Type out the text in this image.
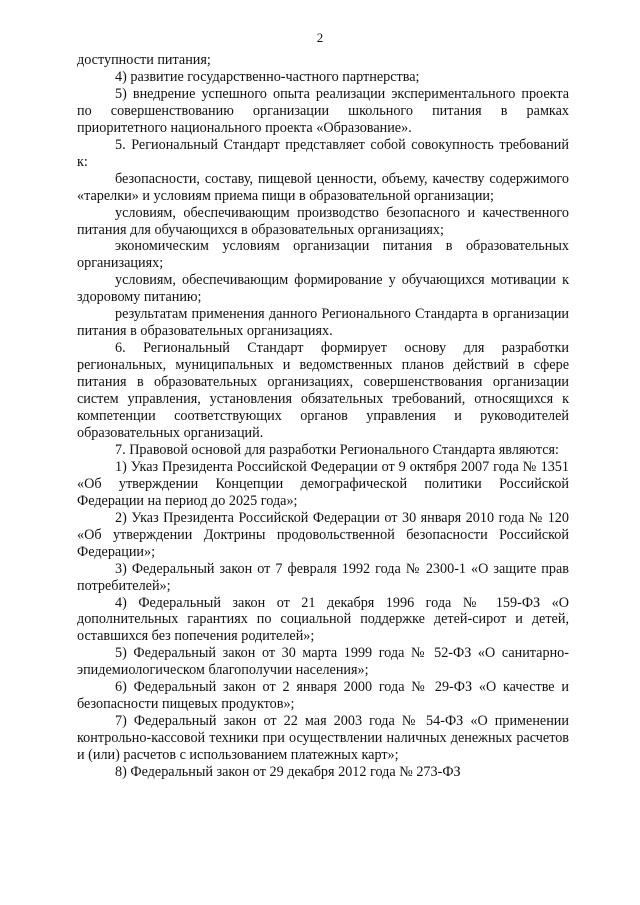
2

доступности питания;

4) развитие государственно-частного партнерства;

5) внедрение успешного опыта реализации экспериментального проекта по совершенствованию организации школьного питания в рамках приоритетного национального проекта «Образование».

5. Региональный Стандарт представляет собой совокупность требований к:

безопасности, составу, пищевой ценности, объему, качеству содержимого «тарелки» и условиям приема пищи в образовательной организации;

условиям, обеспечивающим производство безопасного и качественного питания для обучающихся в образовательных организациях;

экономическим условиям организации питания в образовательных организациях;

условиям, обеспечивающим формирование у обучающихся мотивации к здоровому питанию;

результатам применения данного Регионального Стандарта в организации питания в образовательных организациях.

6. Региональный Стандарт формирует основу для разработки региональных, муниципальных и ведомственных планов действий в сфере питания в образовательных организациях, совершенствования организации систем управления, установления обязательных требований, относящихся к компетенции соответствующих органов управления и руководителей образовательных организаций.

7. Правовой основой для разработки Регионального Стандарта являются:

1) Указ Президента Российской Федерации от 9 октября 2007 года № 1351 «Об утверждении Концепции демографической политики Российской Федерации на период до 2025 года»;

2) Указ Президента Российской Федерации от 30 января 2010 года № 120 «Об утверждении Доктрины продовольственной безопасности Российской Федерации»;

3) Федеральный закон от 7 февраля 1992 года № 2300-1 «О защите прав потребителей»;

4) Федеральный закон от 21 декабря 1996 года № 159-ФЗ «О дополнительных гарантиях по социальной поддержке детей-сирот и детей, оставшихся без попечения родителей»;

5) Федеральный закон от 30 марта 1999 года № 52-ФЗ «О санитарно-эпидемиологическом благополучии населения»;

6) Федеральный закон от 2 января 2000 года № 29-ФЗ «О качестве и безопасности пищевых продуктов»;

7) Федеральный закон от 22 мая 2003 года № 54-ФЗ «О применении контрольно-кассовой техники при осуществлении наличных денежных расчетов и (или) расчетов с использованием платежных карт»;

8) Федеральный закон от 29 декабря 2012 года № 273-ФЗ
